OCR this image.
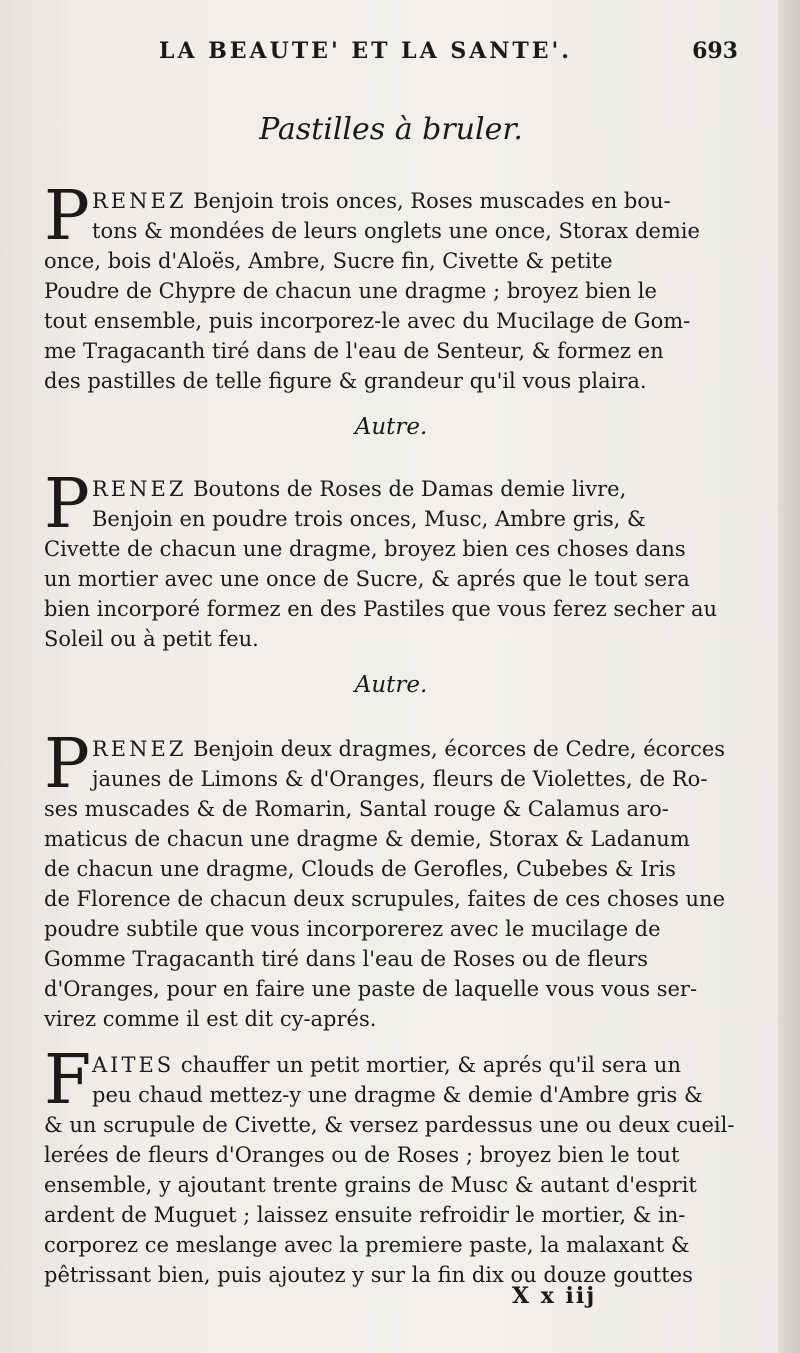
LA BEAUTE' ET LA SANTE'.	693
Pastilles à bruler.
P RENEZ Benjoin trois onces, Roses muscades en bou-
tons & mondées de leurs onglets une once, Storax demie
once, bois d'Aloës, Ambre, Sucre fin, Civette & petite
Poudre de Chypre de chacun une dragme ; broyez bien le
tout ensemble, puis incorporez-le avec du Mucilage de Gom-
me Tragacanth tiré dans de l'eau de Senteur, & formez en
des pastilles de telle figure & grandeur qu'il vous plaira.
Autre.
P RENEZ Boutons de Roses de Damas demie livre,
Benjoin en poudre trois onces, Musc, Ambre gris, &
Civette de chacun une dragme, broyez bien ces choses dans
un mortier avec une once de Sucre, & aprés que le tout sera
bien incorporé formez en des Pastiles que vous ferez secher au
Soleil ou à petit feu.
Autre.
P RENEZ Benjoin deux dragmes, écorces de Cedre, écorces
jaunes de Limons & d'Oranges, fleurs de Violettes, de Ro-
ses muscades & de Romarin, Santal rouge & Calamus aro-
maticus de chacun une dragme & demie, Storax & Ladanum
de chacun une dragme, Clouds de Gerofles, Cubebes & Iris
de Florence de chacun deux scrupules, faites de ces choses une
poudre subtile que vous incorporerez avec le mucilage de
Gomme Tragacanth tiré dans l'eau de Roses ou de fleurs
d'Oranges, pour en faire une paste de laquelle vous vous ser-
virez comme il est dit cy-aprés.
F AITES chauffer un petit mortier, & aprés qu'il sera un
peu chaud mettez-y une dragme & demie d'Ambre gris &
& un scrupule de Civette, & versez pardessus une ou deux cueil-
lerées de fleurs d'Oranges ou de Roses ; broyez bien le tout
ensemble, y ajoutant trente grains de Musc & autant d'esprit
ardent de Muguet ; laissez ensuite refroidir le mortier, & in-
corporez ce meslange avec la premiere paste, la malaxant &
pêtrissant bien, puis ajoutez y sur la fin dix ou douze gouttes
X x iij
